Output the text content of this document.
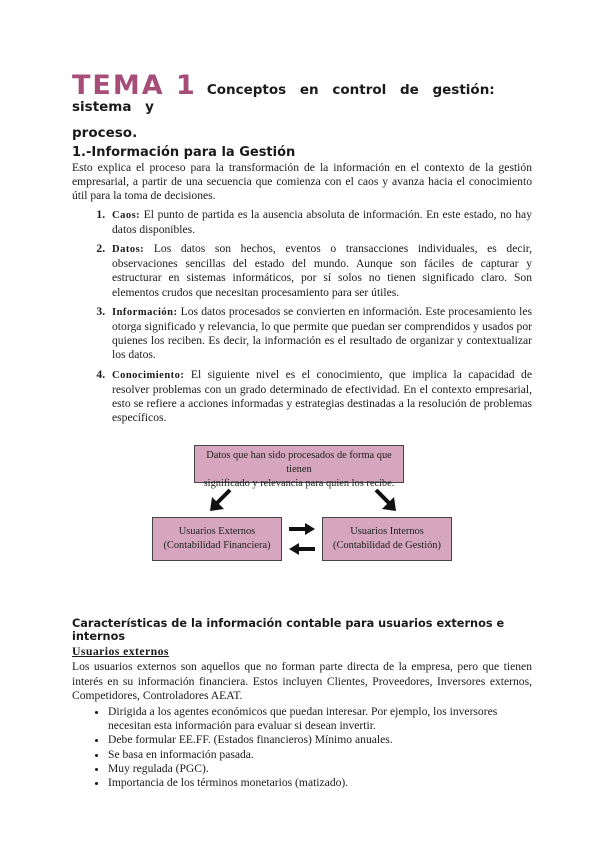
TEMA 1 Conceptos en control de gestión: sistema y
proceso.
1.-Información para la Gestión

Esto explica el proceso para la transformación de la información en el contexto de la gestión empresarial, a partir de una secuencia que comienza con el caos y avanza hacia el conocimiento útil para la toma de decisiones.

1. Caos: El punto de partida es la ausencia absoluta de información. En este estado, no hay datos disponibles.
2. Datos: Los datos son hechos, eventos o transacciones individuales, es decir, observaciones sencillas del estado del mundo. Aunque son fáciles de capturar y estructurar en sistemas informáticos, por sí solos no tienen significado claro. Son elementos crudos que necesitan procesamiento para ser útiles.
3. Información: Los datos procesados se convierten en información. Este procesamiento les otorga significado y relevancia, lo que permite que puedan ser comprendidos y usados por quienes los reciben. Es decir, la información es el resultado de organizar y contextualizar los datos.
4. Conocimiento: El siguiente nivel es el conocimiento, que implica la capacidad de resolver problemas con un grado determinado de efectividad. En el contexto empresarial, esto se refiere a acciones informadas y estrategias destinadas a la resolución de problemas específicos.
Datos que han sido procesados de forma que tienen
significado y relevancia para quien los recibe.
Usuarios Externos
(Contabilidad Financiera)
Usuarios Internos
(Contabilidad de Gestión)
Características de la información contable para usuarios externos e internos
Usuarios externos

Los usuarios externos son aquellos que no forman parte directa de la empresa, pero que tienen interés en su información financiera. Estos incluyen Clientes, Proveedores, Inversores externos, Competidores, Controladores AEAT.

• Dirigida a los agentes económicos que puedan interesar. Por ejemplo, los inversores necesitan esta información para evaluar si desean invertir.
• Debe formular EE.FF. (Estados financieros) Mínimo anuales.
• Se basa en información pasada.
• Muy regulada (PGC).
• Importancia de los términos monetarios (matizado).
